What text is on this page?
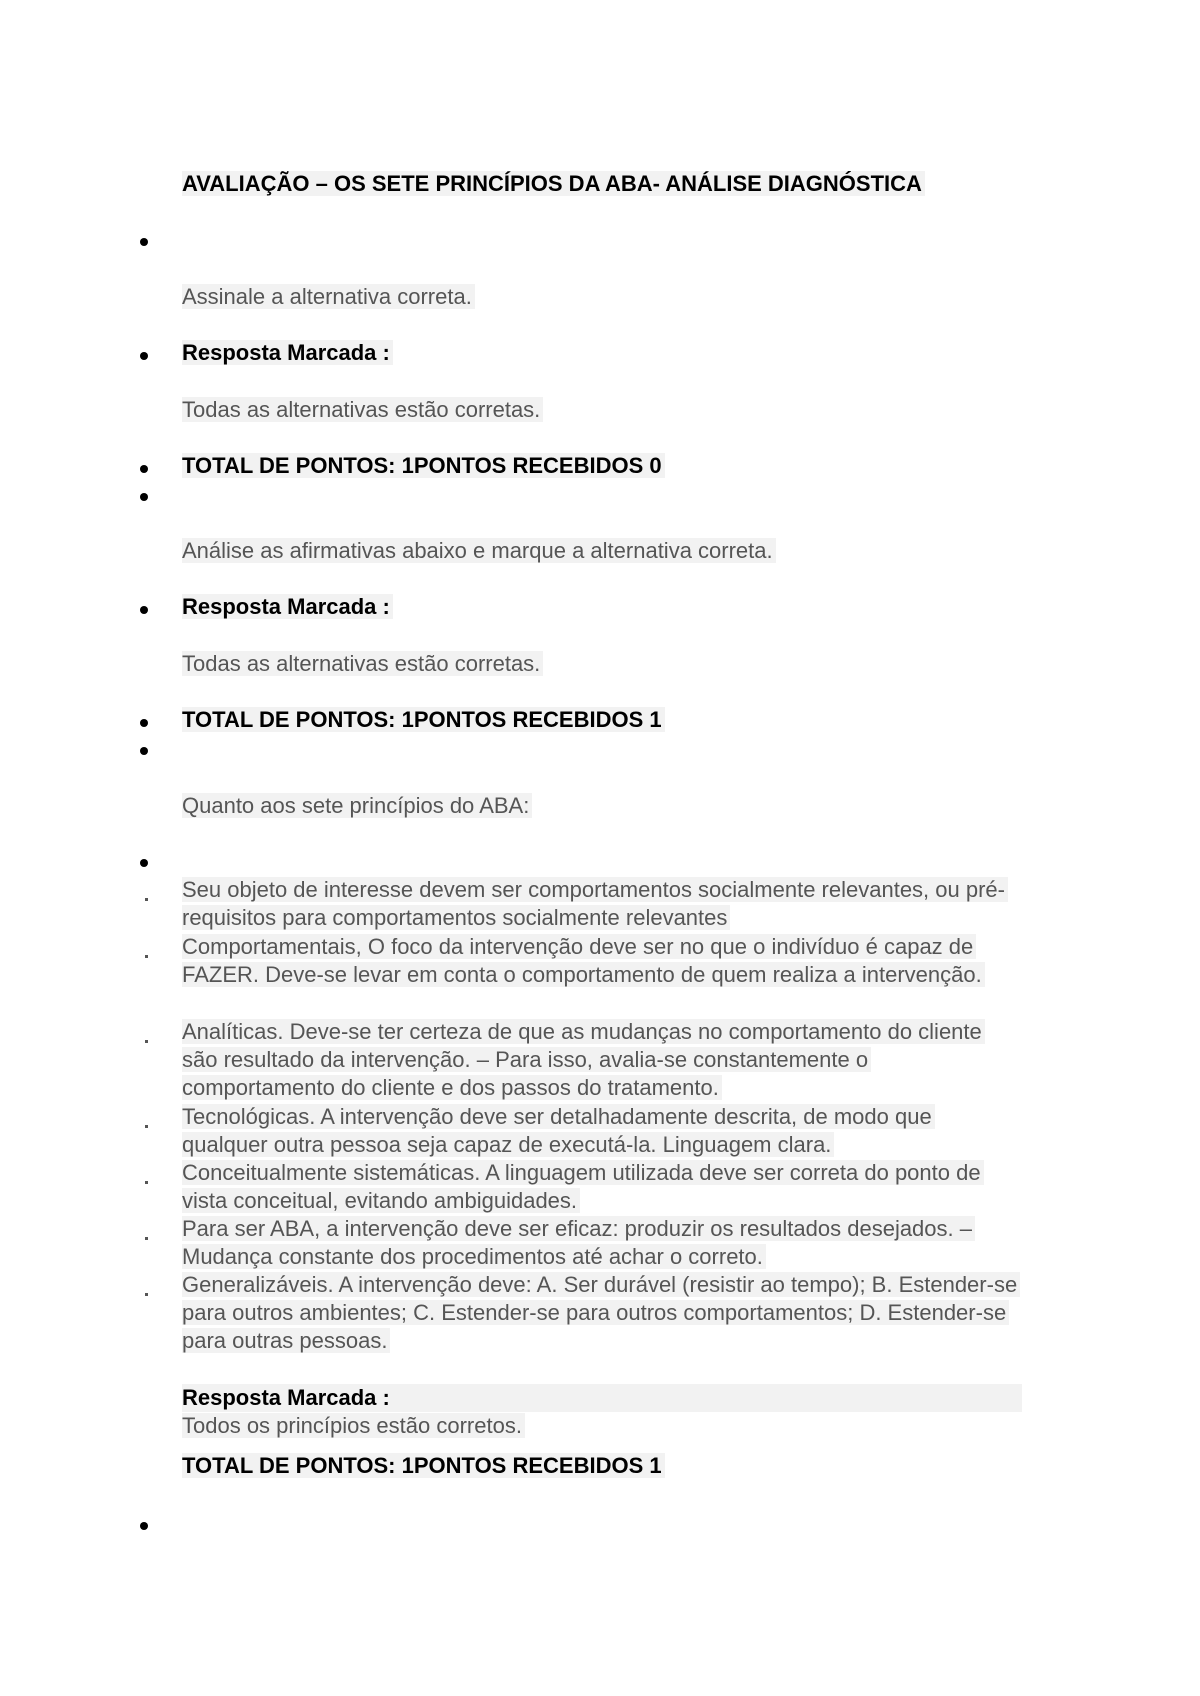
AVALIAÇÃO – OS SETE PRINCÍPIOS DA ABA- ANÁLISE DIAGNÓSTICA
Assinale a alternativa correta.
Resposta Marcada :
Todas as alternativas estão corretas.
TOTAL DE PONTOS: 1PONTOS RECEBIDOS 0
Análise as afirmativas abaixo e marque a alternativa correta.
Resposta Marcada :
Todas as alternativas estão corretas.
TOTAL DE PONTOS: 1PONTOS RECEBIDOS 1
Quanto aos sete princípios do ABA:
Seu objeto de interesse devem ser comportamentos socialmente relevantes, ou pré-requisitos para comportamentos socialmente relevantes
Comportamentais, O foco da intervenção deve ser no que o indivíduo é capaz de FAZER. Deve-se levar em conta o comportamento de quem realiza a intervenção.
Analíticas. Deve-se ter certeza de que as mudanças no comportamento do cliente são resultado da intervenção. – Para isso, avalia-se constantemente o comportamento do cliente e dos passos do tratamento.
Tecnológicas. A intervenção deve ser detalhadamente descrita, de modo que qualquer outra pessoa seja capaz de executá-la. Linguagem clara.
Conceitualmente sistemáticas. A linguagem utilizada deve ser correta do ponto de vista conceitual, evitando ambiguidades.
Para ser ABA, a intervenção deve ser eficaz: produzir os resultados desejados. – Mudança constante dos procedimentos até achar o correto.
Generalizáveis. A intervenção deve: A. Ser durável (resistir ao tempo); B. Estender-se para outros ambientes; C. Estender-se para outros comportamentos; D. Estender-se para outras pessoas.
Resposta Marcada :
Todos os princípios estão corretos.
TOTAL DE PONTOS: 1PONTOS RECEBIDOS 1
